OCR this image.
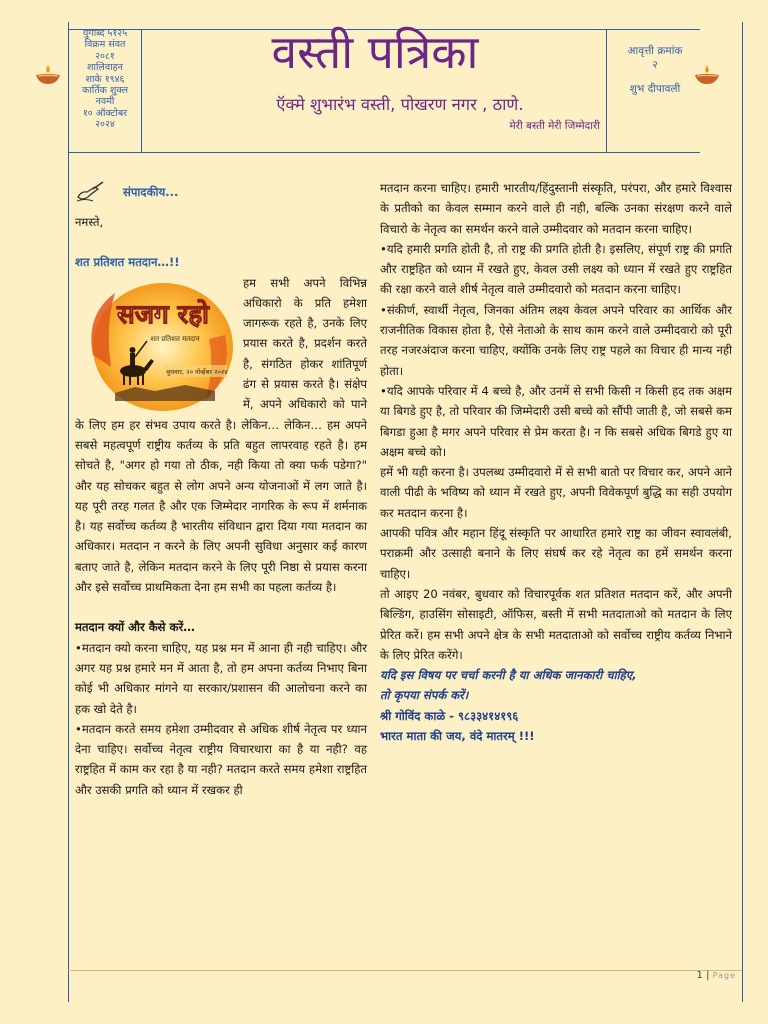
युगाब्द ५१२५
विक्रम संवत
२०८१
शालिवाहन
शाके १९४६
कार्तिक शुक्ल
नवमी
१० ऑक्टोबर
२०२४
वस्ती पत्रिका
ऍक्मे शुभारंभ वस्ती, पोखरण नगर , ठाणे.
मेरी बस्ती मेरी जिम्मेदारी
आवृत्ती क्रमांक
२
शुभ दीपावली
संपादकीय...

नमस्ते,

शत प्रतिशत मतदान…!!

सजग रहो
शत प्रतिशत मतदान
बुधवार, २० नोव्हेंबर २०२४

हम सभी अपने विभिन्न अधिकारो के प्रति हमेशा जागरूक रहते है, उनके लिए प्रयास करते है, प्रदर्शन करते है, संगठित होकर शांतिपूर्ण ढंग से प्रयास करते है। संक्षेप में, अपने अधिकारो को पाने के लिए हम हर संभव उपाय करते है। लेकिन… लेकिन… हम अपने सबसे महत्वपूर्ण राष्ट्रीय कर्तव्य के प्रति बहुत लापरवाह रहते है। हम सोचते है, "अगर हो गया तो ठीक, नही किया तो क्या फर्क पडेगा?" और यह सोचकर बहुत से लोग अपने अन्य योजनाओं में लग जाते है। यह पूरी तरह गलत है और एक जिम्मेदार नागरिक के रूप में शर्मनाक है। यह सर्वोच्च कर्तव्य है भारतीय संविधान द्वारा दिया गया मतदान का अधिकार। मतदान न करने के लिए अपनी सुविधा अनुसार कई कारण बताए जाते है, लेकिन मतदान करने के लिए पूरी निष्ठा से प्रयास करना और इसे सर्वोच्च प्राथमिकता देना हम सभी का पहला कर्तव्य है।

मतदान क्यों और कैसे करें…

•मतदान क्यो करना चाहिए, यह प्रश्न मन में आना ही नही चाहिए। और अगर यह प्रश्न हमारे मन में आता है, तो हम अपना कर्तव्य निभाए बिना कोई भी अधिकार मांगने या सरकार/प्रशासन की आलोचना करने का हक खो देते है।

•मतदान करते समय हमेशा उम्मीदवार से अधिक शीर्ष नेतृत्व पर ध्यान देना चाहिए। सर्वोच्च नेतृत्व राष्ट्रीय विचारधारा का है या नही? वह राष्ट्रहित में काम कर रहा है या नही? मतदान करते समय हमेशा राष्ट्रहित और उसकी प्रगति को ध्यान में रखकर ही

मतदान करना चाहिए। हमारी भारतीय/हिंदुस्तानी संस्कृति, परंपरा, और हमारे विश्वास के प्रतीको का केवल सम्मान करने वाले ही नही, बल्कि उनका संरक्षण करने वाले विचारो के नेतृत्व का समर्थन करने वाले उम्मीदवार को मतदान करना चाहिए।

•यदि हमारी प्रगति होती है, तो राष्ट्र की प्रगति होती है। इसलिए, संपूर्ण राष्ट्र की प्रगति और राष्ट्रहित को ध्यान में रखते हुए, केवल उसी लक्ष्य को ध्यान में रखते हुए राष्ट्रहित की रक्षा करने वाले शीर्ष नेतृत्व वाले उम्मीदवारो को मतदान करना चाहिए।

•संकीर्ण, स्वार्थी नेतृत्व, जिनका अंतिम लक्ष्य केवल अपने परिवार का आर्थिक और राजनीतिक विकास होता है, ऐसे नेताओ के साथ काम करने वाले उम्मीदवारो को पूरी तरह नजरअंदाज करना चाहिए, क्योंकि उनके लिए राष्ट्र पहले का विचार ही मान्य नही होता।

•यदि आपके परिवार में 4 बच्चे है, और उनमें से सभी किसी न किसी हद तक अक्षम या बिगडे हुए है, तो परिवार की जिम्मेदारी उसी बच्चे को सौंपी जाती है, जो सबसे कम बिगडा हुआ है मगर अपने परिवार से प्रेम करता है। न कि सबसे अधिक बिगडे हुए या अक्षम बच्चे को।

हमें भी यही करना है। उपलब्ध उम्मीदवारो में से सभी बातो पर विचार कर, अपने आने वाली पीढी के भविष्य को ध्यान में रखते हुए, अपनी विवेकपूर्ण बुद्धि का सही उपयोग कर मतदान करना है।

आपकी पवित्र और महान हिंदू संस्कृति पर आधारित हमारे राष्ट्र का जीवन स्वावलंबी, पराक्रमी और उत्साही बनाने के लिए संघर्ष कर रहे नेतृत्व का हमें समर्थन करना चाहिए।

तो आइए 20 नवंबर, बुधवार को विचारपूर्वक शत प्रतिशत मतदान करें, और अपनी बिल्डिंग, हाउसिंग सोसाइटी, ऑफिस, बस्ती में सभी मतदाताओ को मतदान के लिए प्रेरित करें। हम सभी अपने क्षेत्र के सभी मतदाताओ को सर्वोच्च राष्ट्रीय कर्तव्य निभाने के लिए प्रेरित करेंगे।

यदि इस विषय पर चर्चा करनी है या अधिक जानकारी चाहिए,

तो कृपया संपर्क करें।

श्री गोविंद काळे - ९८३३४१४१९६

भारत माता की जय, वंदे मातरम् !!!

1 | Page
